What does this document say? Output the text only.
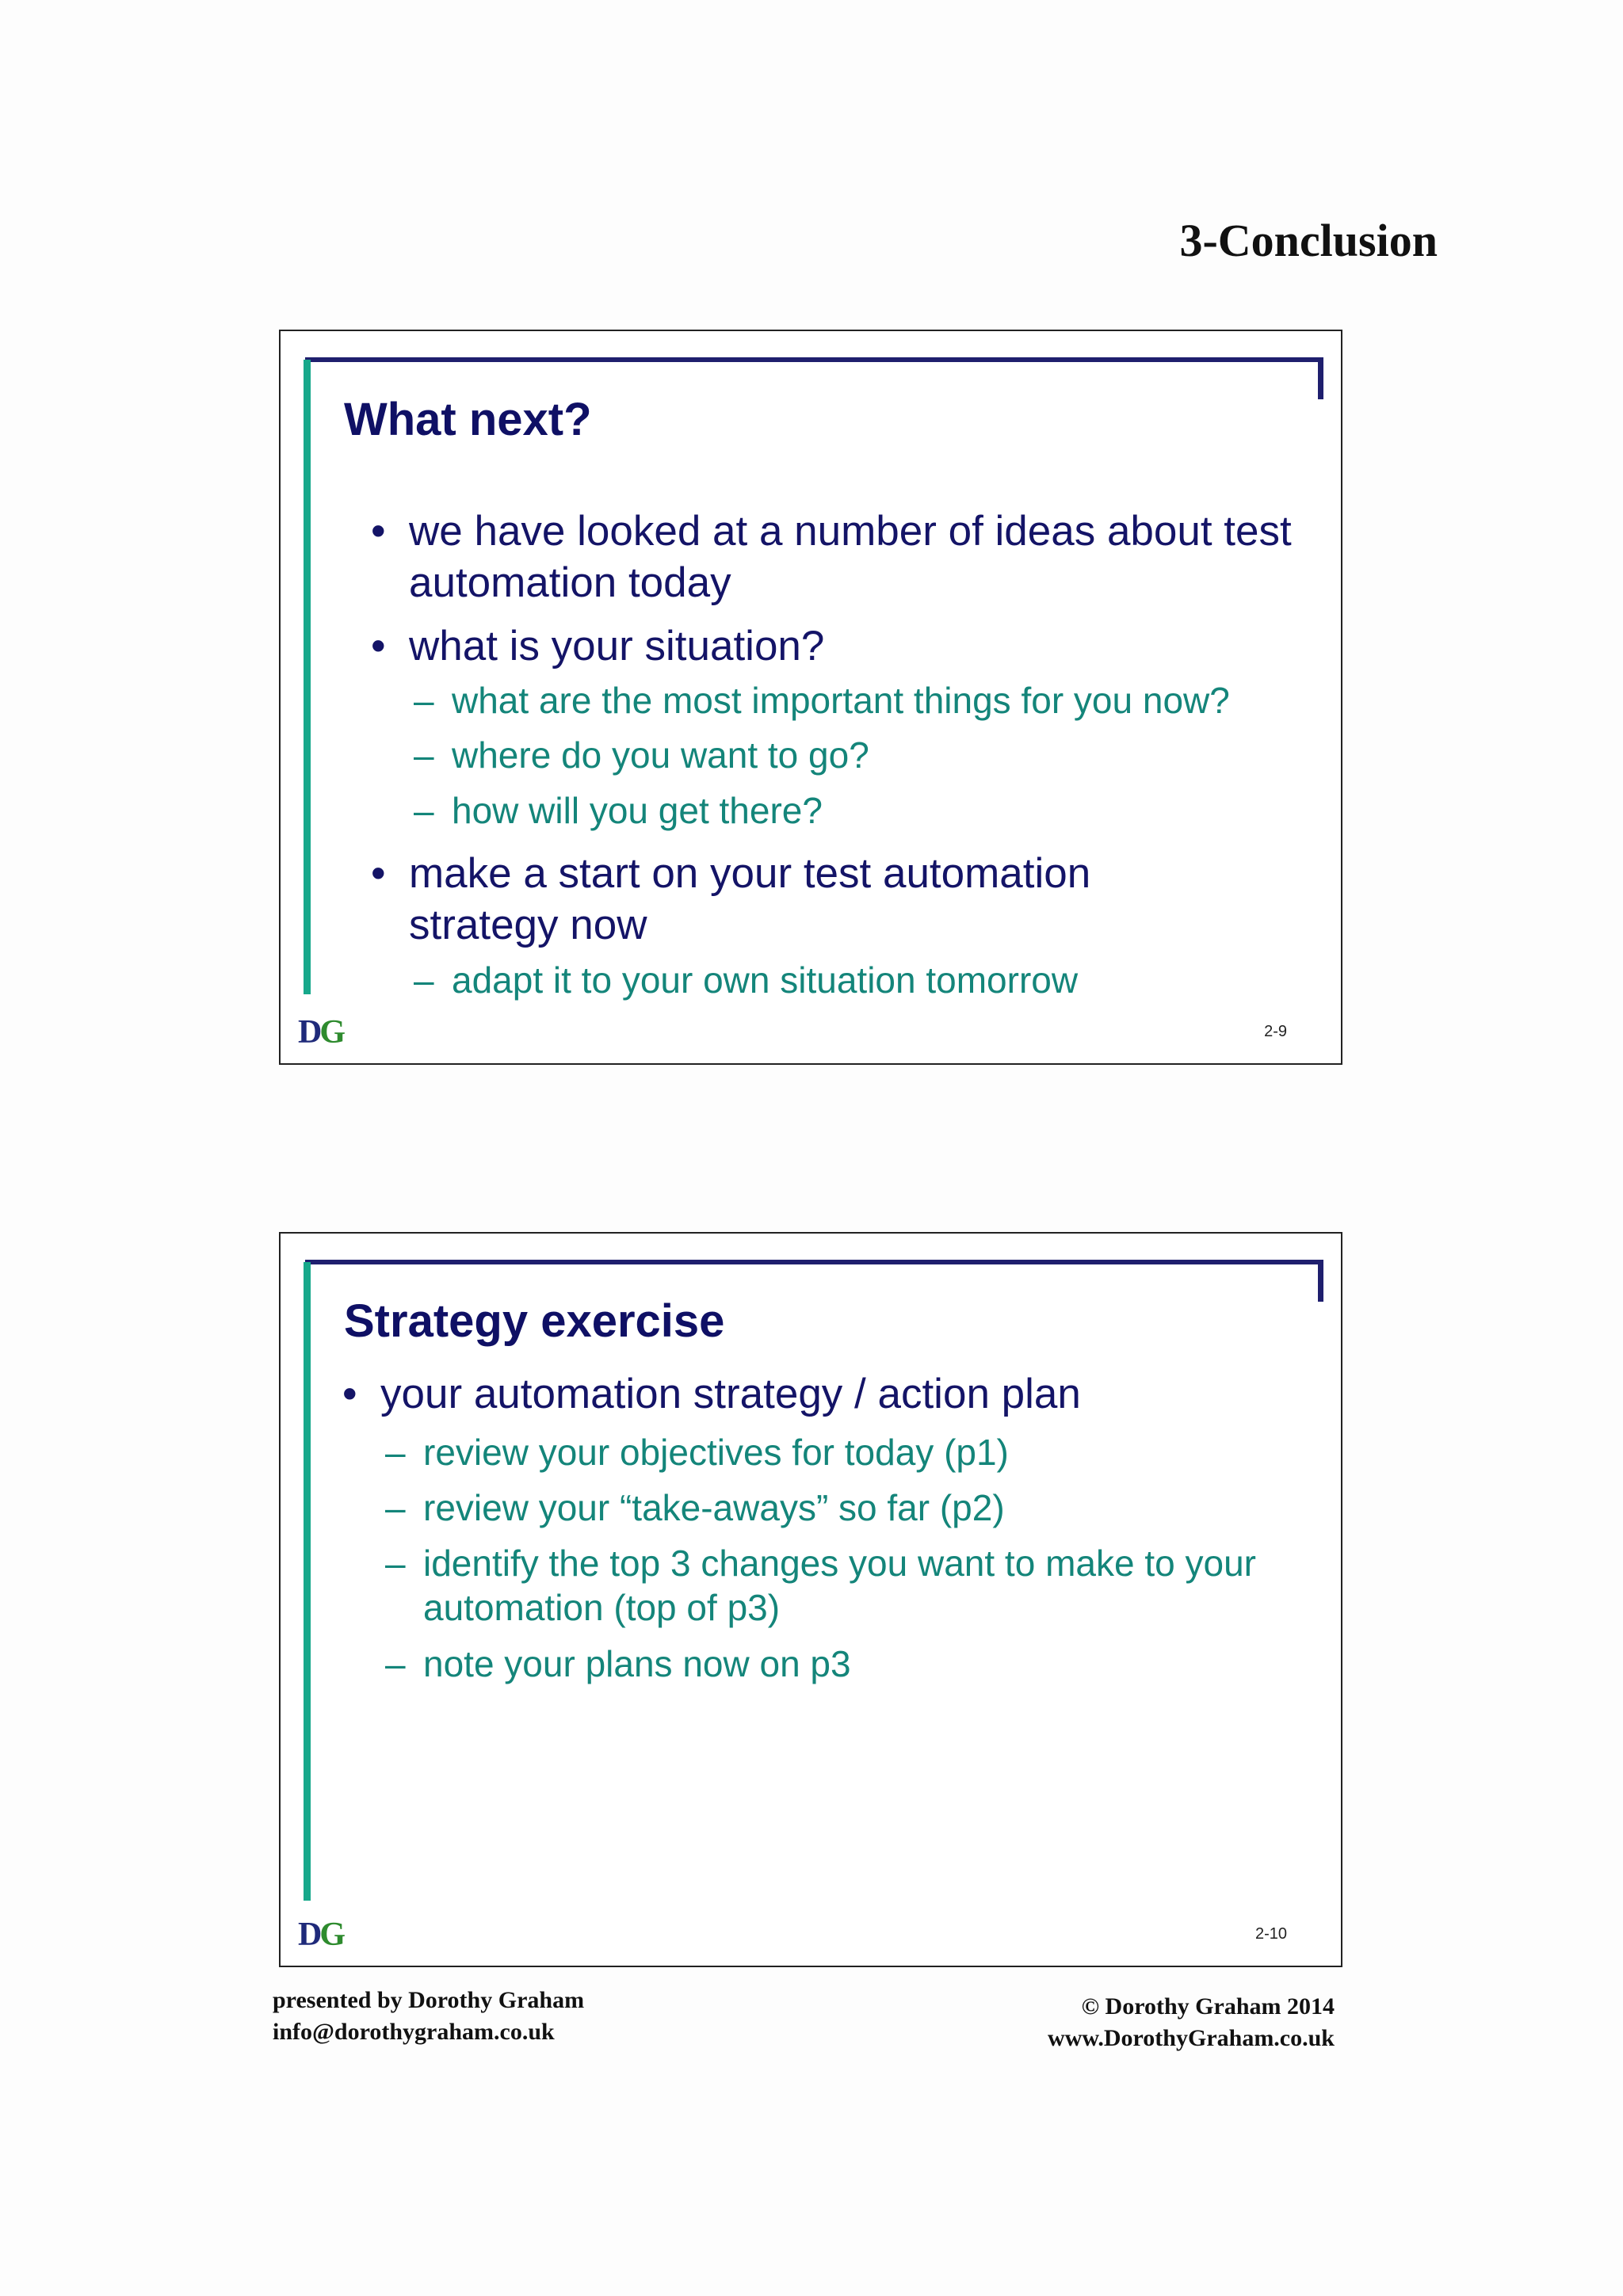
3-Conclusion
What next?
• we have looked at a number of ideas about test automation today
• what is your situation?
– what are the most important things for you now?
– where do you want to go?
– how will you get there?
• make a start on your test automation strategy now
– adapt it to your own situation tomorrow
DG	2-9
Strategy exercise
• your automation strategy / action plan
– review your objectives for today (p1)
– review your “take-aways” so far (p2)
– identify the top 3 changes you want to make to your automation (top of p3)
– note your plans now on p3
DG	2-10
presented by Dorothy Graham
info@dorothygraham.co.uk
© Dorothy Graham 2014
www.DorothyGraham.co.uk
